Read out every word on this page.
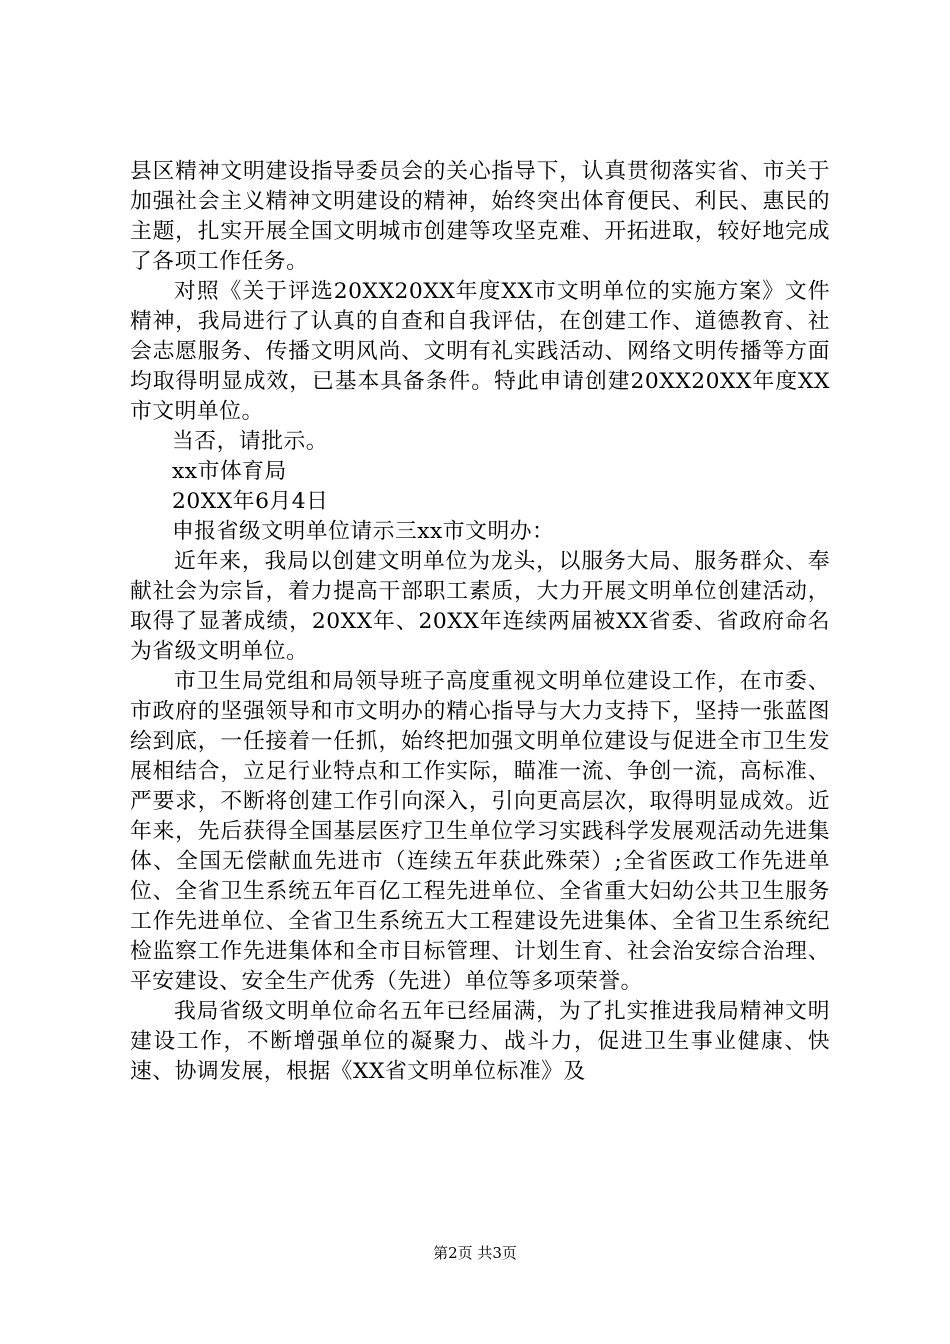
县区精神文明建设指导委员会的关心指导下，认真贯彻落实省、市关于加强社会主义精神文明建设的精神，始终突出体育便民、利民、惠民的主题，扎实开展全国文明城市创建等攻坚克难、开拓进取，较好地完成了各项工作任务。

对照《关于评选20XX20XX年度XX市文明单位的实施方案》文件精神，我局进行了认真的自查和自我评估，在创建工作、道德教育、社会志愿服务、传播文明风尚、文明有礼实践活动、网络文明传播等方面均取得明显成效，已基本具备条件。特此申请创建20XX20XX年度XX市文明单位。

当否，请批示。

xx市体育局

20XX年6月4日

申报省级文明单位请示三xx市文明办：

近年来，我局以创建文明单位为龙头，以服务大局、服务群众、奉献社会为宗旨，着力提高干部职工素质，大力开展文明单位创建活动，取得了显著成绩，20XX年、20XX年连续两届被XX省委、省政府命名为省级文明单位。

市卫生局党组和局领导班子高度重视文明单位建设工作，在市委、市政府的坚强领导和市文明办的精心指导与大力支持下，坚持一张蓝图绘到底，一任接着一任抓，始终把加强文明单位建设与促进全市卫生发展相结合，立足行业特点和工作实际，瞄准一流、争创一流，高标准、严要求，不断将创建工作引向深入，引向更高层次，取得明显成效。近年来，先后获得全国基层医疗卫生单位学习实践科学发展观活动先进集体、全国无偿献血先进市（连续五年获此殊荣）;全省医政工作先进单位、全省卫生系统五年百亿工程先进单位、全省重大妇幼公共卫生服务工作先进单位、全省卫生系统五大工程建设先进集体、全省卫生系统纪检监察工作先进集体和全市目标管理、计划生育、社会治安综合治理、平安建设、安全生产优秀（先进）单位等多项荣誉。

我局省级文明单位命名五年已经届满，为了扎实推进我局精神文明建设工作，不断增强单位的凝聚力、战斗力，促进卫生事业健康、快速、协调发展，根据《XX省文明单位标准》及

第2页 共3页
